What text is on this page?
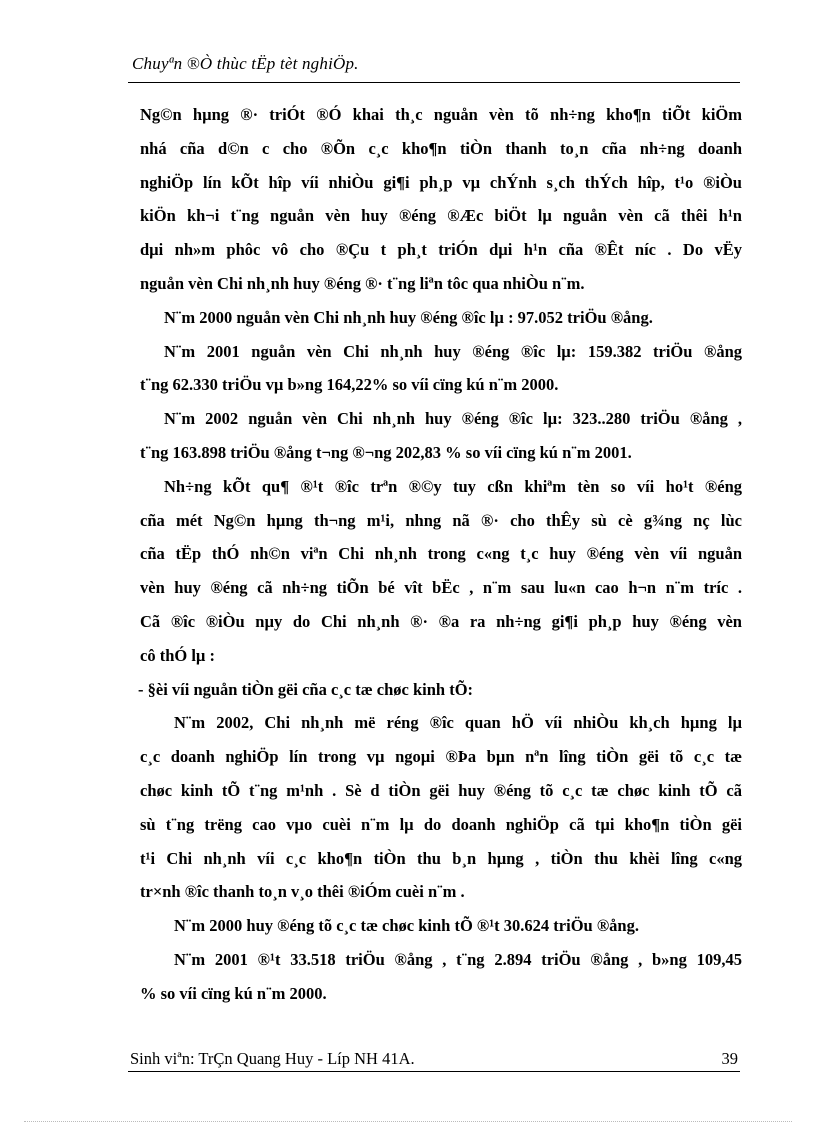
Chuyªn ®Ò thùc tËp tèt nghiÖp.
Ng©n hµng ®· triÓt ®Ó khai th¸c nguån vèn tõ nh÷ng kho¶n tiÕt kiÖm
nhá cña d©n c cho ®Õn c¸c kho¶n tiÒn thanh to¸n cña nh÷ng doanh
nghiÖp lín kÕt hîp víi nhiÒu gi¶i ph¸p vµ chÝnh s¸ch thÝch hîp, t¹o ®iÒu
kiÖn kh¬i t¨ng nguån vèn huy ®éng ®Æc biÖt lµ nguån vèn cã thêi h¹n
dµi nh»m phôc vô cho ®Çu t ph¸t triÓn dµi h¹n cña ®Êt níc . Do vËy
nguån vèn Chi nh¸nh huy ®éng ®· t¨ng liªn tôc qua nhiÒu n¨m.
N¨m 2000 nguån vèn Chi nh¸nh huy ®éng ®îc lµ : 97.052 triÖu ®ång.
N¨m 2001 nguån vèn Chi nh¸nh huy ®éng ®îc lµ: 159.382 triÖu ®ång
t¨ng 62.330 triÖu vµ b»ng 164,22% so víi cïng kú n¨m 2000.
N¨m 2002 nguån vèn Chi nh¸nh huy ®éng ®îc lµ: 323..280 triÖu ®ång ,
t¨ng 163.898 triÖu ®ång t¬ng ®¬ng 202,83 % so víi cïng kú n¨m 2001.
Nh÷ng kÕt qu¶ ®¹t ®îc trªn ®©y tuy cßn khiªm tèn so víi ho¹t ®éng
cña mét Ng©n hµng th¬ng m¹i, nhng nã ®· cho thÊy sù cè g¾ng nç lùc
cña tËp thÓ nh©n viªn Chi nh¸nh trong c«ng t¸c huy ®éng vèn víi nguån
vèn huy ®éng cã nh÷ng tiÕn bé vît bËc , n¨m sau lu«n cao h¬n n¨m tríc .
Cã ®îc ®iÒu nµy do Chi nh¸nh ®· ®a ra nh÷ng gi¶i ph¸p huy ®éng vèn
cô thÓ lµ :
- §èi víi nguån tiÒn gëi cña c¸c tæ chøc kinh tÕ:
N¨m 2002, Chi nh¸nh më réng ®îc quan hÖ víi nhiÒu kh¸ch hµng lµ
c¸c doanh nghiÖp lín trong vµ ngoµi ®Þa bµn nªn lîng tiÒn gëi tõ c¸c tæ
chøc kinh tÕ t¨ng m¹nh . Sè d tiÒn gëi huy ®éng tõ c¸c tæ chøc kinh tÕ cã
sù t¨ng trëng cao vµo cuèi n¨m lµ do doanh nghiÖp cã tµi kho¶n tiÒn gëi
t¹i Chi nh¸nh víi c¸c kho¶n tiÒn thu b¸n hµng , tiÒn thu khèi lîng c«ng
tr×nh ®îc thanh to¸n v¸o thêi ®iÓm cuèi n¨m .
N¨m 2000 huy ®éng tõ c¸c tæ chøc kinh tÕ ®¹t 30.624 triÖu ®ång.
N¨m 2001 ®¹t 33.518 triÖu ®ång , t¨ng 2.894 triÖu ®ång , b»ng 109,45
% so víi cïng kú n¨m 2000.
Sinh viªn: TrÇn Quang Huy - Líp NH 41A.	39
